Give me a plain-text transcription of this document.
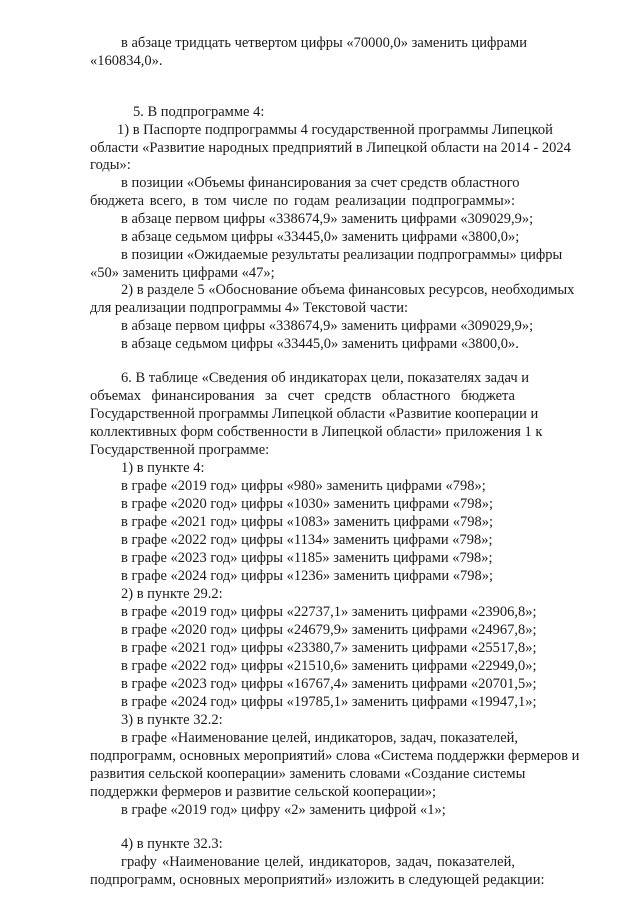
в абзаце тридцать четвертом цифры «70000,0» заменить цифрами
«160834,0».
5. В подпрограмме 4:
1) в Паспорте подпрограммы 4 государственной программы Липецкой
области «Развитие народных предприятий в Липецкой области на 2014 - 2024
годы»:
в позиции «Объемы финансирования за счет средств областного
бюджета всего, в том числе по годам реализации подпрограммы»:
в абзаце первом цифры «338674,9» заменить цифрами «309029,9»;
в абзаце седьмом цифры «33445,0» заменить цифрами «3800,0»;
в позиции «Ожидаемые результаты реализации подпрограммы» цифры
«50» заменить цифрами «47»;
2) в разделе 5 «Обоснование объема финансовых ресурсов, необходимых
для реализации подпрограммы 4» Текстовой части:
в абзаце первом цифры «338674,9» заменить цифрами «309029,9»;
в абзаце седьмом цифры «33445,0» заменить цифрами «3800,0».
6. В таблице «Сведения об индикаторах цели, показателях задач и
объемах финансирования за счет средств областного бюджета
Государственной программы Липецкой области «Развитие кооперации и
коллективных форм собственности в Липецкой области» приложения 1 к
Государственной программе:
1) в пункте 4:
в графе «2019 год» цифры «980» заменить цифрами «798»;
в графе «2020 год» цифры «1030» заменить цифрами «798»;
в графе «2021 год» цифры «1083» заменить цифрами «798»;
в графе «2022 год» цифры «1134» заменить цифрами «798»;
в графе «2023 год» цифры «1185» заменить цифрами «798»;
в графе «2024 год» цифры «1236» заменить цифрами «798»;
2) в пункте 29.2:
в графе «2019 год» цифры «22737,1» заменить цифрами «23906,8»;
в графе «2020 год» цифры «24679,9» заменить цифрами «24967,8»;
в графе «2021 год» цифры «23380,7» заменить цифрами «25517,8»;
в графе «2022 год» цифры «21510,6» заменить цифрами «22949,0»;
в графе «2023 год» цифры «16767,4» заменить цифрами «20701,5»;
в графе «2024 год» цифры «19785,1» заменить цифрами «19947,1»;
3) в пункте 32.2:
в графе «Наименование целей, индикаторов, задач, показателей,
подпрограмм, основных мероприятий» слова «Система поддержки фермеров и
развития сельской кооперации» заменить словами «Создание системы
поддержки фермеров и развитие сельской кооперации»;
в графе «2019 год» цифру «2» заменить цифрой «1»;
4) в пункте 32.3:
графу «Наименование целей, индикаторов, задач, показателей,
подпрограмм, основных мероприятий» изложить в следующей редакции:
